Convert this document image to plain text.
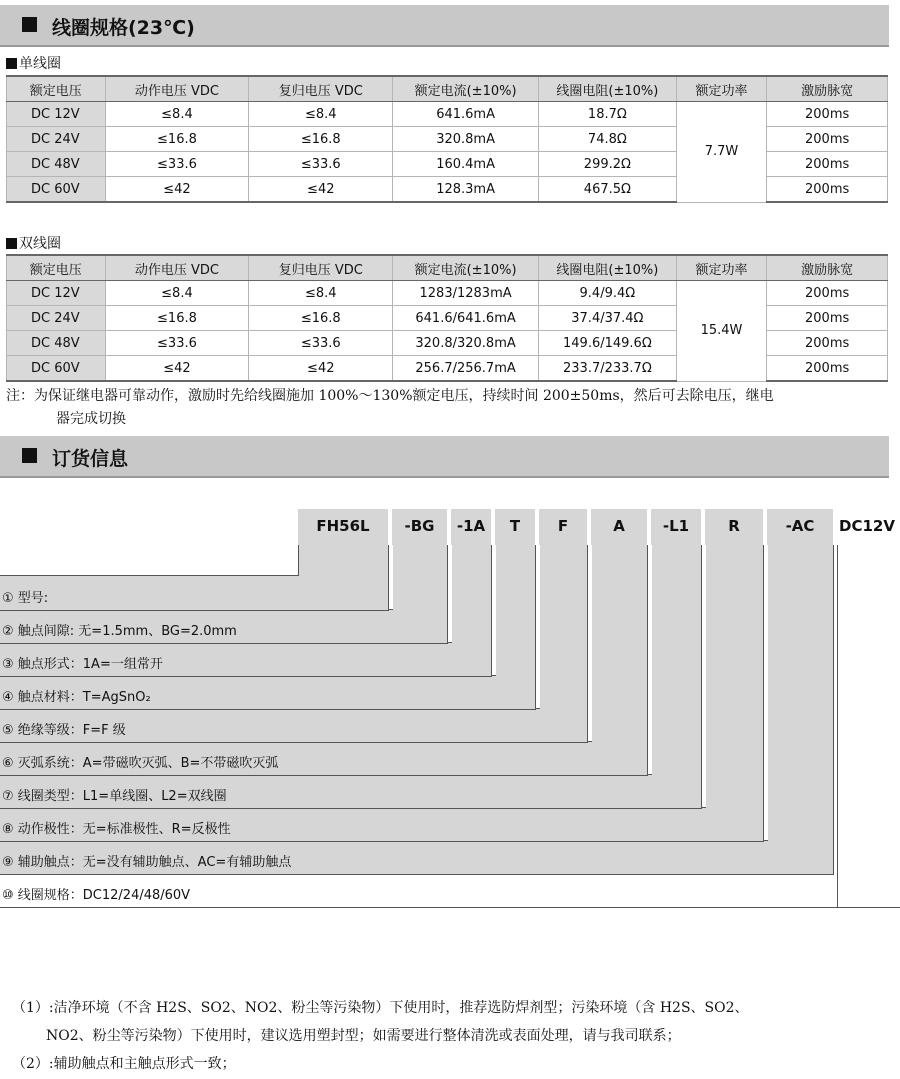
线圈规格(23℃)
单线圈
额定电压	动作电压 VDC	复归电压 VDC	额定电流(±10%)	线圈电阻(±10%)	额定功率	激励脉宽
DC 12V	≤8.4	≤8.4	641.6mA	18.7Ω	7.7W	200ms
DC 24V	≤16.8	≤16.8	320.8mA	74.8Ω		200ms
DC 48V	≤33.6	≤33.6	160.4mA	299.2Ω		200ms
DC 60V	≤42	≤42	128.3mA	467.5Ω		200ms
双线圈
额定电压	动作电压 VDC	复归电压 VDC	额定电流(±10%)	线圈电阻(±10%)	额定功率	激励脉宽
DC 12V	≤8.4	≤8.4	1283/1283mA	9.4/9.4Ω	15.4W	200ms
DC 24V	≤16.8	≤16.8	641.6/641.6mA	37.4/37.4Ω		200ms
DC 48V	≤33.6	≤33.6	320.8/320.8mA	149.6/149.6Ω		200ms
DC 60V	≤42	≤42	256.7/256.7mA	233.7/233.7Ω		200ms
注：为保证继电器可靠动作，激励时先给线圈施加 100%～130%额定电压，持续时间 200±50ms，然后可去除电压，继电
器完成切换
订货信息
① 型号:
② 触点间隙: 无=1.5mm、BG=2.0mm
③ 触点形式：1A=一组常开
④ 触点材料：T=AgSnO₂
⑤ 绝缘等级：F=F 级
⑥ 灭弧系统：A=带磁吹灭弧、B=不带磁吹灭弧
⑦ 线圈类型：L1=单线圈、L2=双线圈
⑧ 动作极性：无=标准极性、R=反极性
⑨ 辅助触点：无=没有辅助触点、AC=有辅助触点
⑩ 线圈规格：DC12/24/48/60V
FH56L	-BG	-1A	T	F	A	-L1	R	-AC	DC12V
（1）:洁净环境（不含 H2S、SO2、NO2、粉尘等污染物）下使用时，推荐选防焊剂型；污染环境（含 H2S、SO2、
NO2、粉尘等污染物）下使用时，建议选用塑封型；如需要进行整体清洗或表面处理，请与我司联系；
（2）:辅助触点和主触点形式一致；
